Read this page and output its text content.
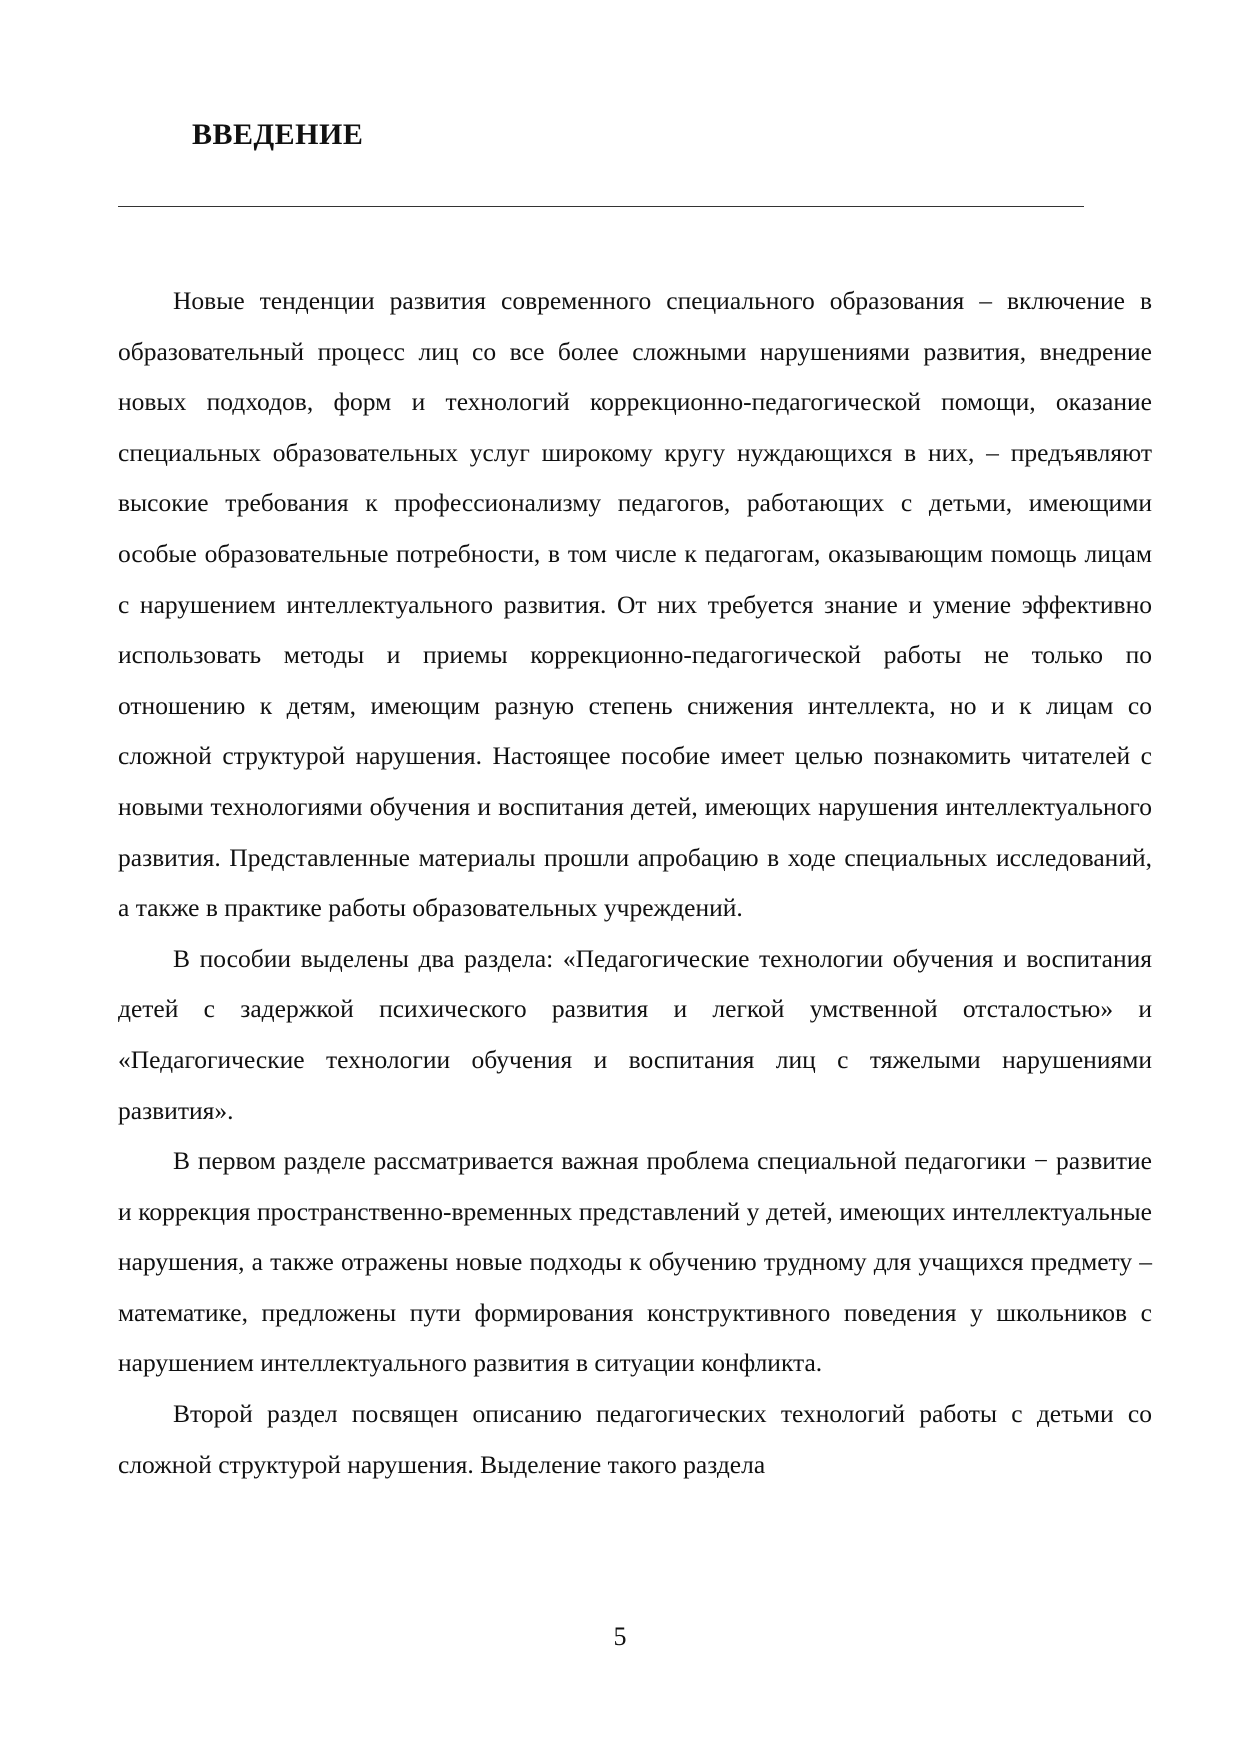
ВВЕДЕНИЕ

Новые тенденции развития современного специального образования – включение в образовательный процесс лиц со все более сложными нарушениями развития, внедрение новых подходов, форм и технологий коррекционно-педагогической помощи, оказание специальных образовательных услуг широкому кругу нуждающихся в них, – предъявляют высокие требования к профессионализму педагогов, работающих с детьми, имеющими особые образовательные потребности, в том числе к педагогам, оказывающим помощь лицам с нарушением интеллектуального развития. От них требуется знание и умение эффективно использовать методы и приемы коррекционно-педагогической работы не только по отношению к детям, имеющим разную степень снижения интеллекта, но и к лицам со сложной структурой нарушения. Настоящее пособие имеет целью познакомить читателей с новыми технологиями обучения и воспитания детей, имеющих нарушения интеллектуального развития. Представленные материалы прошли апробацию в ходе специальных исследований, а также в практике работы образовательных учреждений.

В пособии выделены два раздела: «Педагогические технологии обучения и воспитания детей с задержкой психического развития и легкой умственной отсталостью» и «Педагогические технологии обучения и воспитания лиц с тяжелыми нарушениями развития».

В первом разделе рассматривается важная проблема специальной педагогики − развитие и коррекция пространственно-временных представлений у детей, имеющих интеллектуальные нарушения, а также отражены новые подходы к обучению трудному для учащихся предмету – математике, предложены пути формирования конструктивного поведения у школьников с нарушением интеллектуального развития в ситуации конфликта.

Второй раздел посвящен описанию педагогических технологий работы с детьми со сложной структурой нарушения. Выделение такого раздела

5
